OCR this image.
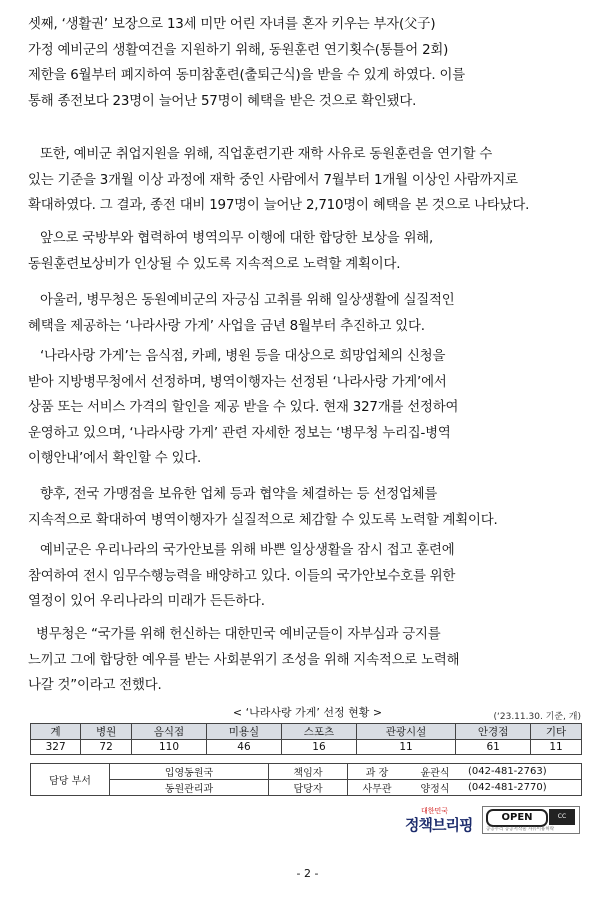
셋째, ‘생활권’ 보장으로 13세 미만 어린 자녀를 혼자 키우는 부자(父子)
가정 예비군의 생활여건을 지원하기 위해, 동원훈련 연기횟수(통틀어 2회)
제한을 6월부터 폐지하여 동미참훈련(출퇴근식)을 받을 수 있게 하였다. 이를
통해 종전보다 23명이 늘어난 57명이 혜택을 받은 것으로 확인됐다.
또한, 예비군 취업지원을 위해, 직업훈련기관 재학 사유로 동원훈련을 연기할 수
있는 기준을 3개월 이상 과정에 재학 중인 사람에서 7월부터 1개월 이상인 사람까지로
확대하였다. 그 결과, 종전 대비 197명이 늘어난 2,710명이 혜택을 본 것으로 나타났다.
앞으로 국방부와 협력하여 병역의무 이행에 대한 합당한 보상을 위해,
동원훈련보상비가 인상될 수 있도록 지속적으로 노력할 계획이다.
아울러, 병무청은 동원예비군의 자긍심 고취를 위해 일상생활에 실질적인
혜택을 제공하는 ‘나라사랑 가게’ 사업을 금년 8월부터 추진하고 있다.
‘나라사랑 가게’는 음식점, 카페, 병원 등을 대상으로 희망업체의 신청을
받아 지방병무청에서 선정하며, 병역이행자는 선정된 ‘나라사랑 가게’에서
상품 또는 서비스 가격의 할인을 제공 받을 수 있다. 현재 327개를 선정하여
운영하고 있으며, ‘나라사랑 가게’ 관련 자세한 정보는 ‘병무청 누리집-병역
이행안내’에서 확인할 수 있다.
향후, 전국 가맹점을 보유한 업체 등과 협약을 체결하는 등 선정업체를
지속적으로 확대하여 병역이행자가 실질적으로 체감할 수 있도록 노력할 계획이다.
예비군은 우리나라의 국가안보를 위해 바쁜 일상생활을 잠시 접고 훈련에
참여하여 전시 임무수행능력을 배양하고 있다. 이들의 국가안보수호를 위한
열정이 있어 우리나라의 미래가 든든하다.
병무청은 “국가를 위해 헌신하는 대한민국 예비군들이 자부심과 긍지를
느끼고 그에 합당한 예우를 받는 사회분위기 조성을 위해 지속적으로 노력해
나갈 것”이라고 전했다.
< ‘나라사랑 가게’ 선정 현황 >	(‘23.11.30. 기준, 개)
계	병원	음식점	미용실	스포츠	관광시설	안경점	기타
327	72	110	46	16	11	61	11
담당 부서	입영동원국	책임자	과 장	윤관식	(042-481-2763)
	동원관리과	담당자	사무관	양정식	(042-481-2770)
대한민국
정책브리핑	OPEN	CC
공공누리 공공저작물 자유이용허락
- 2 -
